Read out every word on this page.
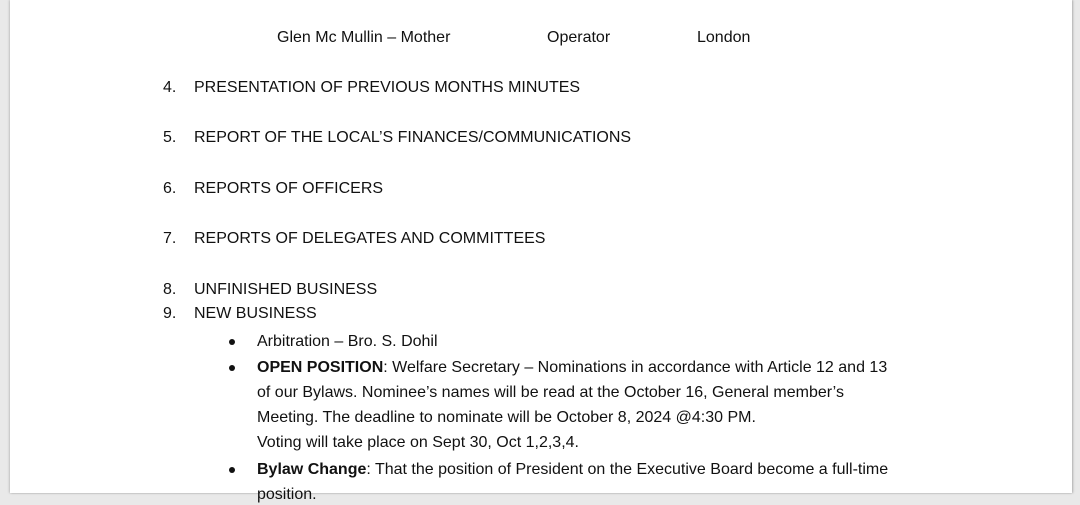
Glen Mc Mullin – Mother	Operator	London
4.	PRESENTATION OF PREVIOUS MONTHS MINUTES
5.	REPORT OF THE LOCAL’S FINANCES/COMMUNICATIONS
6.	REPORTS OF OFFICERS
7.	REPORTS OF DELEGATES AND COMMITTEES
8.	UNFINISHED BUSINESS
9.	NEW BUSINESS
Arbitration – Bro. S. Dohil
OPEN POSITION: Welfare Secretary – Nominations in accordance with Article 12 and 13
of our Bylaws. Nominee’s names will be read at the October 16, General member’s
Meeting. The deadline to nominate will be October 8, 2024 @4:30 PM.
Voting will take place on Sept 30, Oct 1,2,3,4.
Bylaw Change: That the position of President on the Executive Board become a full-time
position.
